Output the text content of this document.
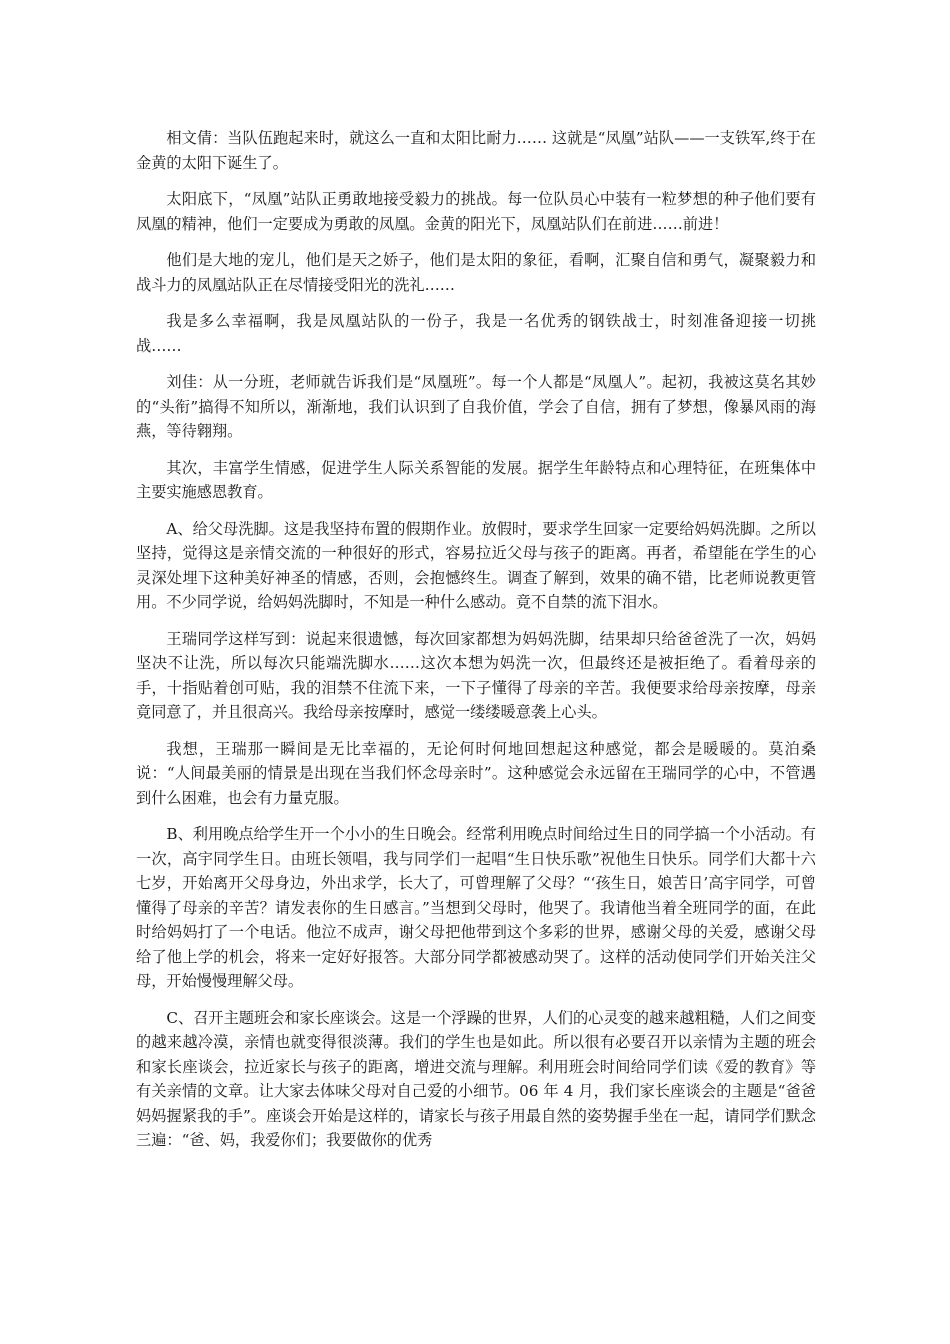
相文倩：当队伍跑起来时，就这么一直和太阳比耐力…… 这就是“凤凰”站队——一支铁军,终于在金黄的太阳下诞生了。

太阳底下，“凤凰”站队正勇敢地接受毅力的挑战。每一位队员心中装有一粒梦想的种子他们要有凤凰的精神，他们一定要成为勇敢的凤凰。金黄的阳光下，凤凰站队们在前进……前进！

他们是大地的宠儿，他们是天之娇子，他们是太阳的象征，看啊，汇聚自信和勇气，凝聚毅力和战斗力的凤凰站队正在尽情接受阳光的洗礼……

我是多么幸福啊，我是凤凰站队的一份子，我是一名优秀的钢铁战士，时刻准备迎接一切挑战……

刘佳：从一分班，老师就告诉我们是“凤凰班”。每一个人都是“凤凰人”。起初，我被这莫名其妙的“头衔”搞得不知所以，渐渐地，我们认识到了自我价值，学会了自信，拥有了梦想，像暴风雨的海燕，等待翱翔。

其次，丰富学生情感，促进学生人际关系智能的发展。据学生年龄特点和心理特征，在班集体中主要实施感恩教育。

A、给父母洗脚。这是我坚持布置的假期作业。放假时，要求学生回家一定要给妈妈洗脚。之所以坚持，觉得这是亲情交流的一种很好的形式，容易拉近父母与孩子的距离。再者，希望能在学生的心灵深处埋下这种美好神圣的情感，否则，会抱憾终生。调查了解到，效果的确不错，比老师说教更管用。不少同学说，给妈妈洗脚时，不知是一种什么感动。竟不自禁的流下泪水。

王瑞同学这样写到：说起来很遗憾，每次回家都想为妈妈洗脚，结果却只给爸爸洗了一次，妈妈坚决不让洗，所以每次只能端洗脚水……这次本想为妈洗一次，但最终还是被拒绝了。看着母亲的手，十指贴着创可贴，我的泪禁不住流下来，一下子懂得了母亲的辛苦。我便要求给母亲按摩，母亲竟同意了，并且很高兴。我给母亲按摩时，感觉一缕缕暖意袭上心头。

我想，王瑞那一瞬间是无比幸福的，无论何时何地回想起这种感觉，都会是暖暖的。莫泊桑说：“人间最美丽的情景是出现在当我们怀念母亲时”。这种感觉会永远留在王瑞同学的心中，不管遇到什么困难，也会有力量克服。

B、利用晚点给学生开一个小小的生日晚会。经常利用晚点时间给过生日的同学搞一个小活动。有一次，高宇同学生日。由班长领唱，我与同学们一起唱“生日快乐歌”祝他生日快乐。同学们大都十六七岁，开始离开父母身边，外出求学，长大了，可曾理解了父母？“‘孩生日，娘苦日’高宇同学，可曾懂得了母亲的辛苦？请发表你的生日感言。”当想到父母时，他哭了。我请他当着全班同学的面，在此时给妈妈打了一个电话。他泣不成声，谢父母把他带到这个多彩的世界，感谢父母的关爱，感谢父母给了他上学的机会，将来一定好好报答。大部分同学都被感动哭了。这样的活动使同学们开始关注父母，开始慢慢理解父母。

C、召开主题班会和家长座谈会。这是一个浮躁的世界，人们的心灵变的越来越粗糙，人们之间变的越来越冷漠，亲情也就变得很淡薄。我们的学生也是如此。所以很有必要召开以亲情为主题的班会和家长座谈会，拉近家长与孩子的距离，增进交流与理解。利用班会时间给同学们读《爱的教育》等有关亲情的文章。让大家去体味父母对自己爱的小细节。06 年 4 月，我们家长座谈会的主题是“爸爸妈妈握紧我的手”。座谈会开始是这样的，请家长与孩子用最自然的姿势握手坐在一起，请同学们默念三遍：“爸、妈，我爱你们；我要做你的优秀
